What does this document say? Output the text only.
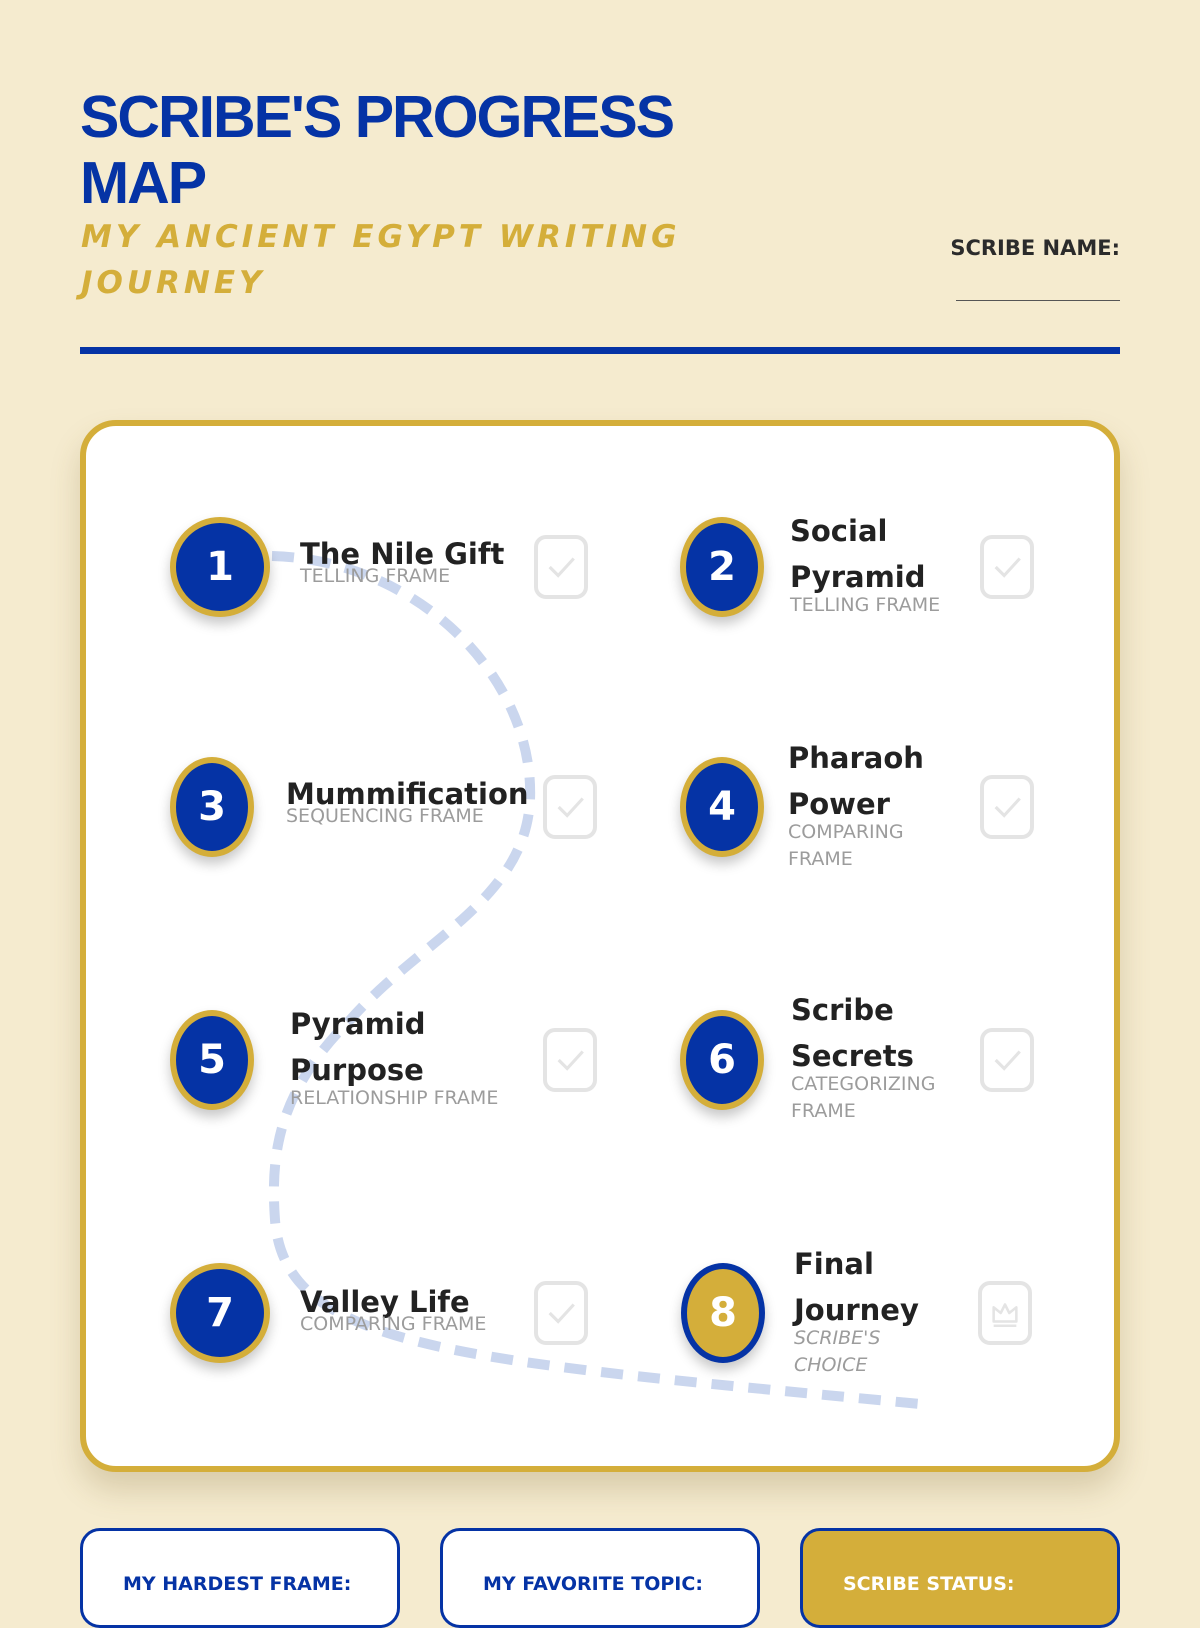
SCRIBE'S PROGRESS MAP
MY ANCIENT EGYPT WRITING JOURNEY
SCRIBE NAME:
1	The Nile Gift
TELLING FRAME	2
Social Pyramid
TELLING FRAME
3	Mummification
SEQUENCING FRAME	4
Pharaoh Power
COMPARING FRAME
5
Pyramid Purpose
RELATIONSHIP FRAME
6
Scribe Secrets
CATEGORIZING FRAME
7	Valley Life
COMPARING FRAME	8
Final Journey
SCRIBE'S CHOICE
MY HARDEST FRAME:	MY FAVORITE TOPIC:	SCRIBE STATUS:
